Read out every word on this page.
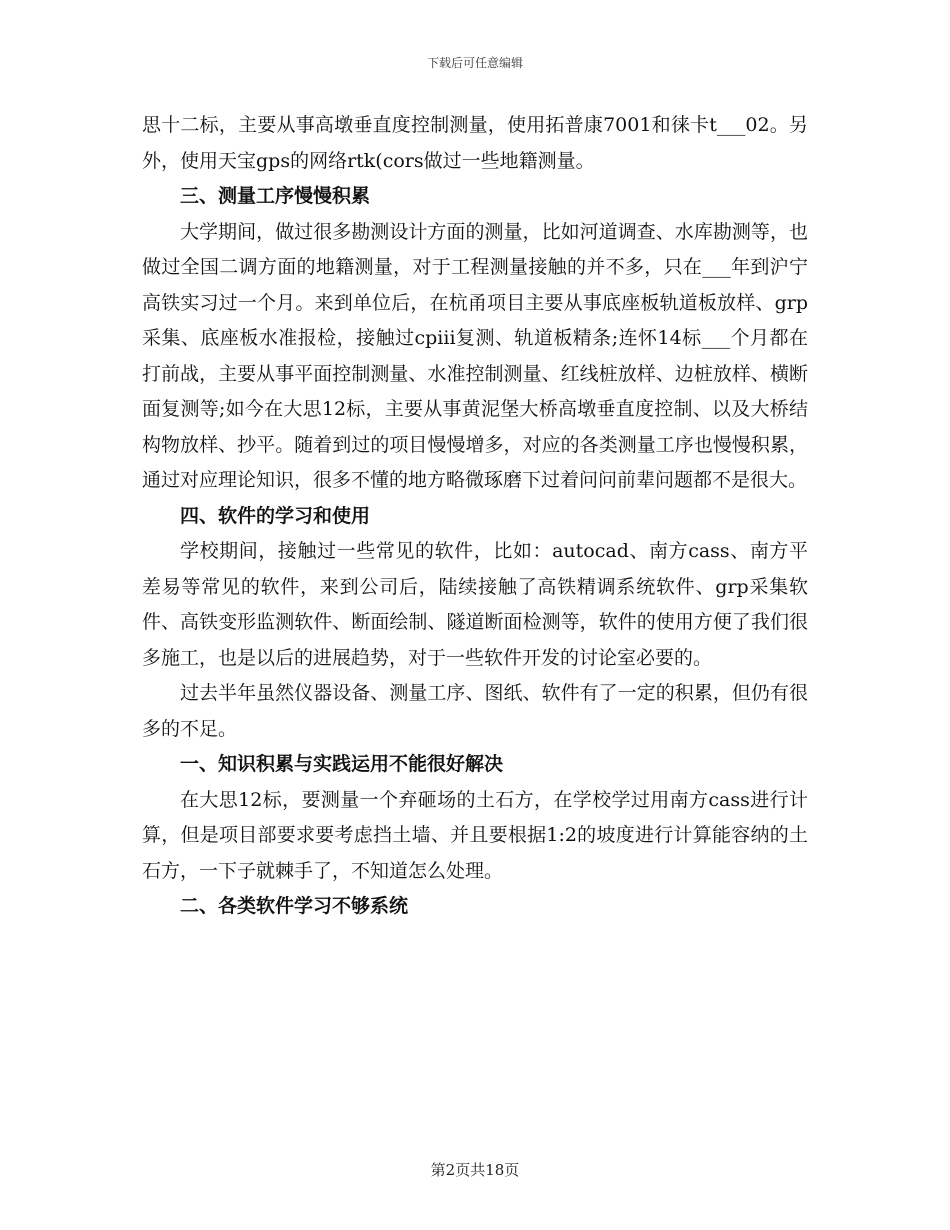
下载后可任意编辑

思十二标，主要从事高墩垂直度控制测量，使用拓普康7001和徕卡t___02。另外，使用天宝gps的网络rtk(cors做过一些地籍测量。

三、测量工序慢慢积累

大学期间，做过很多勘测设计方面的测量，比如河道调查、水库勘测等，也做过全国二调方面的地籍测量，对于工程测量接触的并不多，只在___年到沪宁高铁实习过一个月。来到单位后，在杭甬项目主要从事底座板轨道板放样、grp采集、底座板水准报检，接触过cpiii复测、轨道板精条;连怀14标___个月都在打前战，主要从事平面控制测量、水准控制测量、红线桩放样、边桩放样、横断面复测等;如今在大思12标，主要从事黄泥堡大桥高墩垂直度控制、以及大桥结构物放样、抄平。随着到过的项目慢慢增多，对应的各类测量工序也慢慢积累，通过对应理论知识，很多不懂的地方略微琢磨下过着问问前辈问题都不是很大。

四、软件的学习和使用

学校期间，接触过一些常见的软件，比如：autocad、南方cass、南方平差易等常见的软件，来到公司后，陆续接触了高铁精调系统软件、grp采集软件、高铁变形监测软件、断面绘制、隧道断面检测等，软件的使用方便了我们很多施工，也是以后的进展趋势，对于一些软件开发的讨论室必要的。

过去半年虽然仪器设备、测量工序、图纸、软件有了一定的积累，但仍有很多的不足。

一、知识积累与实践运用不能很好解决

在大思12标，要测量一个弃砸场的土石方，在学校学过用南方cass进行计算，但是项目部要求要考虑挡土墙、并且要根据1:2的坡度进行计算能容纳的土石方，一下子就棘手了，不知道怎么处理。

二、各类软件学习不够系统

第2页共18页
